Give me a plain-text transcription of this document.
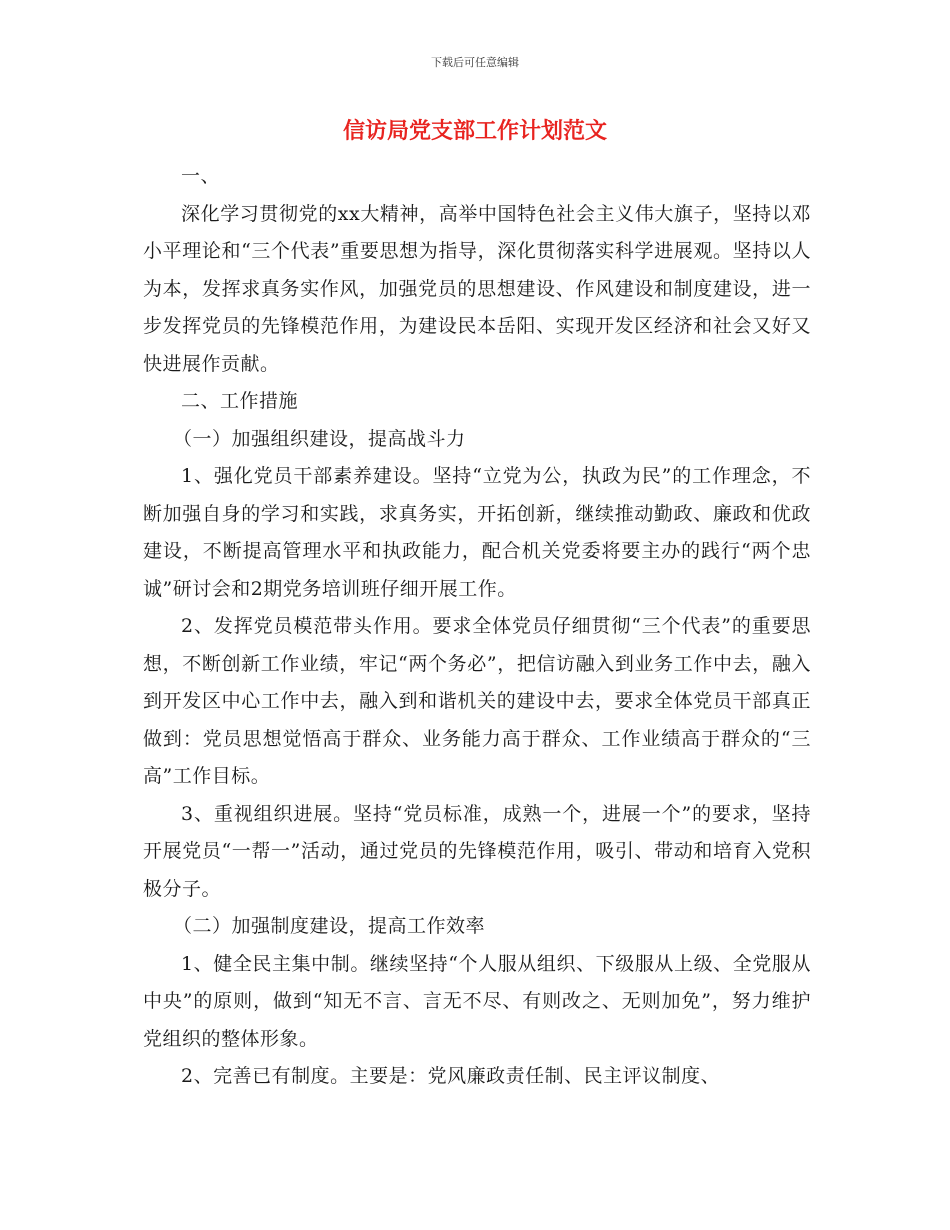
下载后可任意编辑
信访局党支部工作计划范文

一、

深化学习贯彻党的xx大精神，高举中国特色社会主义伟大旗子，坚持以邓小平理论和“三个代表”重要思想为指导，深化贯彻落实科学进展观。坚持以人为本，发挥求真务实作风，加强党员的思想建设、作风建设和制度建设，进一步发挥党员的先锋模范作用，为建设民本岳阳、实现开发区经济和社会又好又快进展作贡献。

二、工作措施

（一）加强组织建设，提高战斗力

1、强化党员干部素养建设。坚持“立党为公，执政为民”的工作理念，不断加强自身的学习和实践，求真务实，开拓创新，继续推动勤政、廉政和优政建设，不断提高管理水平和执政能力，配合机关党委将要主办的践行“两个忠诚”研讨会和2期党务培训班仔细开展工作。

2、发挥党员模范带头作用。要求全体党员仔细贯彻“三个代表”的重要思想，不断创新工作业绩，牢记“两个务必”，把信访融入到业务工作中去，融入到开发区中心工作中去，融入到和谐机关的建设中去，要求全体党员干部真正做到：党员思想觉悟高于群众、业务能力高于群众、工作业绩高于群众的“三高”工作目标。

3、重视组织进展。坚持“党员标准，成熟一个，进展一个”的要求，坚持开展党员“一帮一”活动，通过党员的先锋模范作用，吸引、带动和培育入党积极分子。

（二）加强制度建设，提高工作效率

1、健全民主集中制。继续坚持“个人服从组织、下级服从上级、全党服从中央”的原则，做到“知无不言、言无不尽、有则改之、无则加免”，努力维护党组织的整体形象。

2、完善已有制度。主要是：党风廉政责任制、民主评议制度、
